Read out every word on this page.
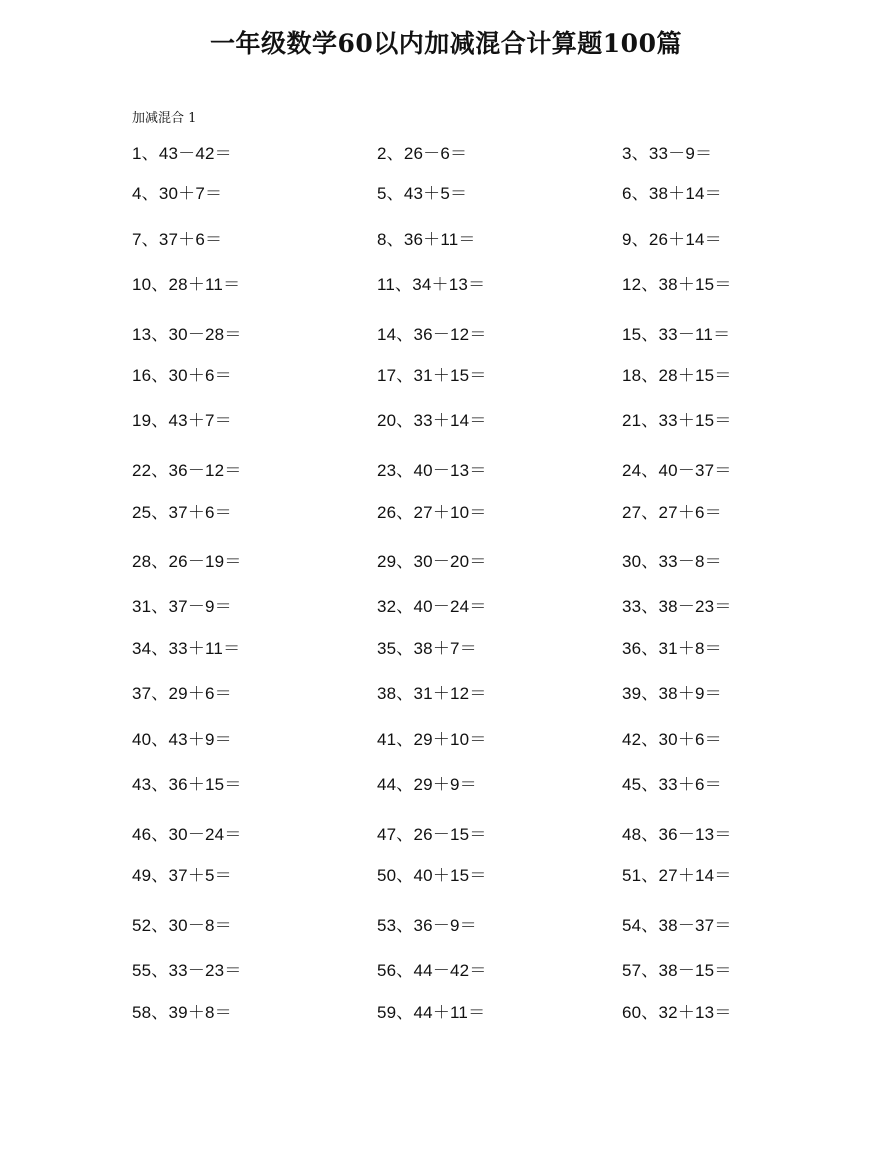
一年级数学60以内加减混合计算题100篇
加减混合 1
1、43－42＝	2、26－6＝	3、33－9＝
4、30＋7＝	5、43＋5＝	6、38＋14＝
7、37＋6＝	8、36＋11＝	9、26＋14＝
10、28＋11＝	11、34＋13＝	12、38＋15＝
13、30－28＝	14、36－12＝	15、33－11＝
16、30＋6＝	17、31＋15＝	18、28＋15＝
19、43＋7＝	20、33＋14＝	21、33＋15＝
22、36－12＝	23、40－13＝	24、40－37＝
25、37＋6＝	26、27＋10＝	27、27＋6＝
28、26－19＝	29、30－20＝	30、33－8＝
31、37－9＝	32、40－24＝	33、38－23＝
34、33＋11＝	35、38＋7＝	36、31＋8＝
37、29＋6＝	38、31＋12＝	39、38＋9＝
40、43＋9＝	41、29＋10＝	42、30＋6＝
43、36＋15＝	44、29＋9＝	45、33＋6＝
46、30－24＝	47、26－15＝	48、36－13＝
49、37＋5＝	50、40＋15＝	51、27＋14＝
52、30－8＝	53、36－9＝	54、38－37＝
55、33－23＝	56、44－42＝	57、38－15＝
58、39＋8＝	59、44＋11＝	60、32＋13＝
